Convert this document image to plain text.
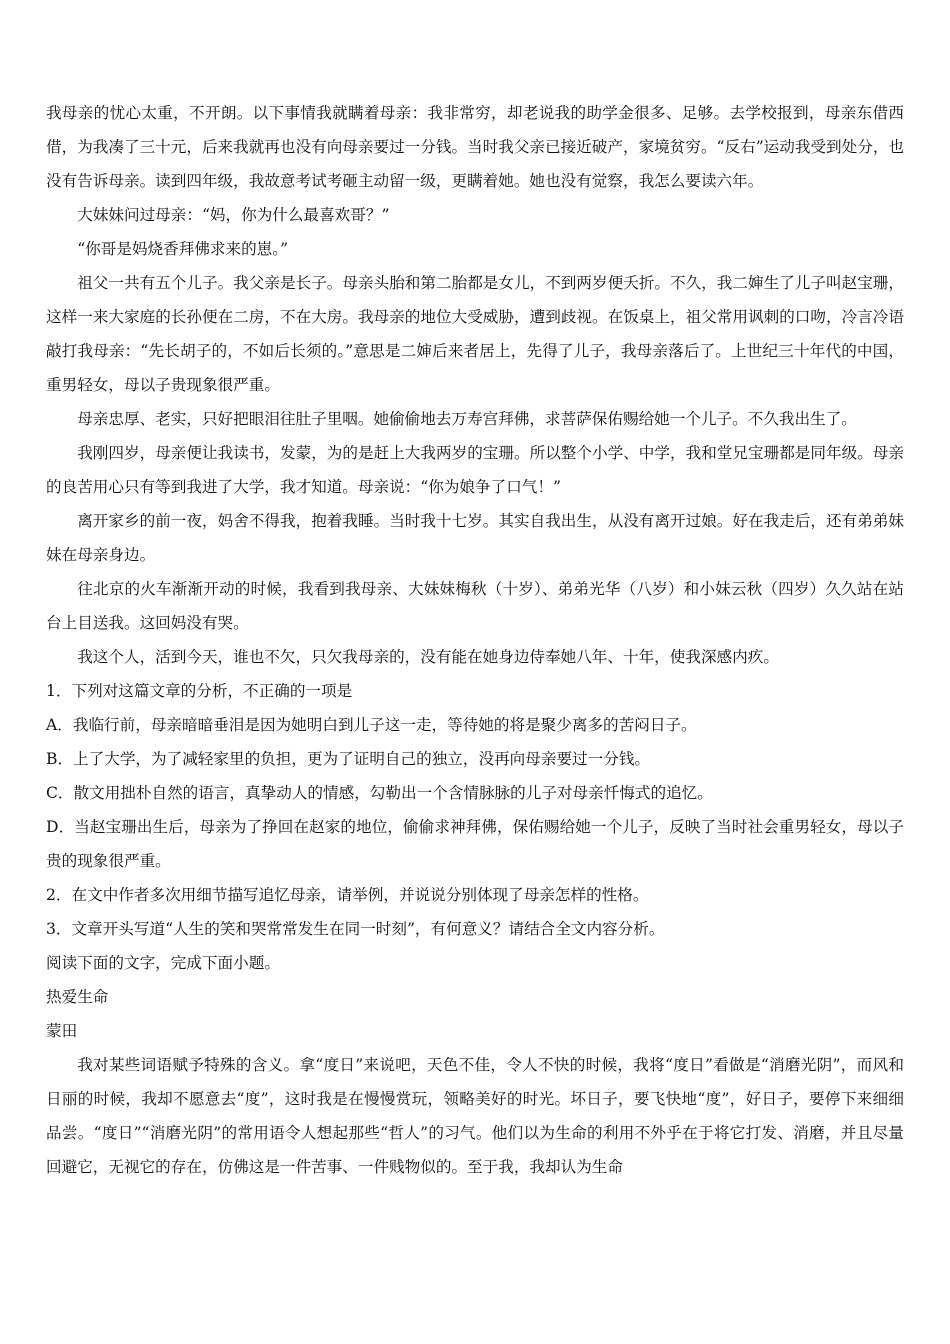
我母亲的忧心太重，不开朗。以下事情我就瞒着母亲：我非常穷，却老说我的助学金很多、足够。去学校报到，母亲东借西借，为我凑了三十元，后来我就再也没有向母亲要过一分钱。当时我父亲已接近破产，家境贫穷。“反右”运动我受到处分，也没有告诉母亲。读到四年级，我故意考试考砸主动留一级，更瞒着她。她也没有觉察，我怎么要读六年。

大妹妹问过母亲：“妈，你为什么最喜欢哥？”

“你哥是妈烧香拜佛求来的崽。”

祖父一共有五个儿子。我父亲是长子。母亲头胎和第二胎都是女儿，不到两岁便夭折。不久，我二婶生了儿子叫赵宝珊，这样一来大家庭的长孙便在二房，不在大房。我母亲的地位大受威胁，遭到歧视。在饭桌上，祖父常用讽刺的口吻，冷言冷语敲打我母亲：“先长胡子的，不如后长须的。”意思是二婶后来者居上，先得了儿子，我母亲落后了。上世纪三十年代的中国，重男轻女，母以子贵现象很严重。

母亲忠厚、老实，只好把眼泪往肚子里咽。她偷偷地去万寿宫拜佛，求菩萨保佑赐给她一个儿子。不久我出生了。

我刚四岁，母亲便让我读书，发蒙，为的是赶上大我两岁的宝珊。所以整个小学、中学，我和堂兄宝珊都是同年级。母亲的良苦用心只有等到我进了大学，我才知道。母亲说：“你为娘争了口气！”

离开家乡的前一夜，妈舍不得我，抱着我睡。当时我十七岁。其实自我出生，从没有离开过娘。好在我走后，还有弟弟妹妹在母亲身边。

往北京的火车渐渐开动的时候，我看到我母亲、大妹妹梅秋（十岁）、弟弟光华（八岁）和小妹云秋（四岁）久久站在站台上目送我。这回妈没有哭。

我这个人，活到今天，谁也不欠，只欠我母亲的，没有能在她身边侍奉她八年、十年，使我深感内疚。

1．下列对这篇文章的分析，不正确的一项是

A．我临行前，母亲暗暗垂泪是因为她明白到儿子这一走，等待她的将是聚少离多的苦闷日子。

B．上了大学，为了减轻家里的负担，更为了证明自己的独立，没再向母亲要过一分钱。

C．散文用拙朴自然的语言，真挚动人的情感，勾勒出一个含情脉脉的儿子对母亲忏悔式的追忆。

D．当赵宝珊出生后，母亲为了挣回在赵家的地位，偷偷求神拜佛，保佑赐给她一个儿子，反映了当时社会重男轻女，母以子贵的现象很严重。

2．在文中作者多次用细节描写追忆母亲，请举例，并说说分别体现了母亲怎样的性格。

3．文章开头写道“人生的笑和哭常常发生在同一时刻”，有何意义？请结合全文内容分析。

阅读下面的文字，完成下面小题。

热爱生命

蒙田

我对某些词语赋予特殊的含义。拿“度日”来说吧，天色不佳，令人不快的时候，我将“度日”看做是“消磨光阴”，而风和日丽的时候，我却不愿意去“度”，这时我是在慢慢赏玩，领略美好的时光。坏日子，要飞快地“度”，好日子，要停下来细细品尝。“度日”“消磨光阴”的常用语令人想起那些“哲人”的习气。他们以为生命的利用不外乎在于将它打发、消磨，并且尽量回避它，无视它的存在，仿佛这是一件苦事、一件贱物似的。至于我，我却认为生命
